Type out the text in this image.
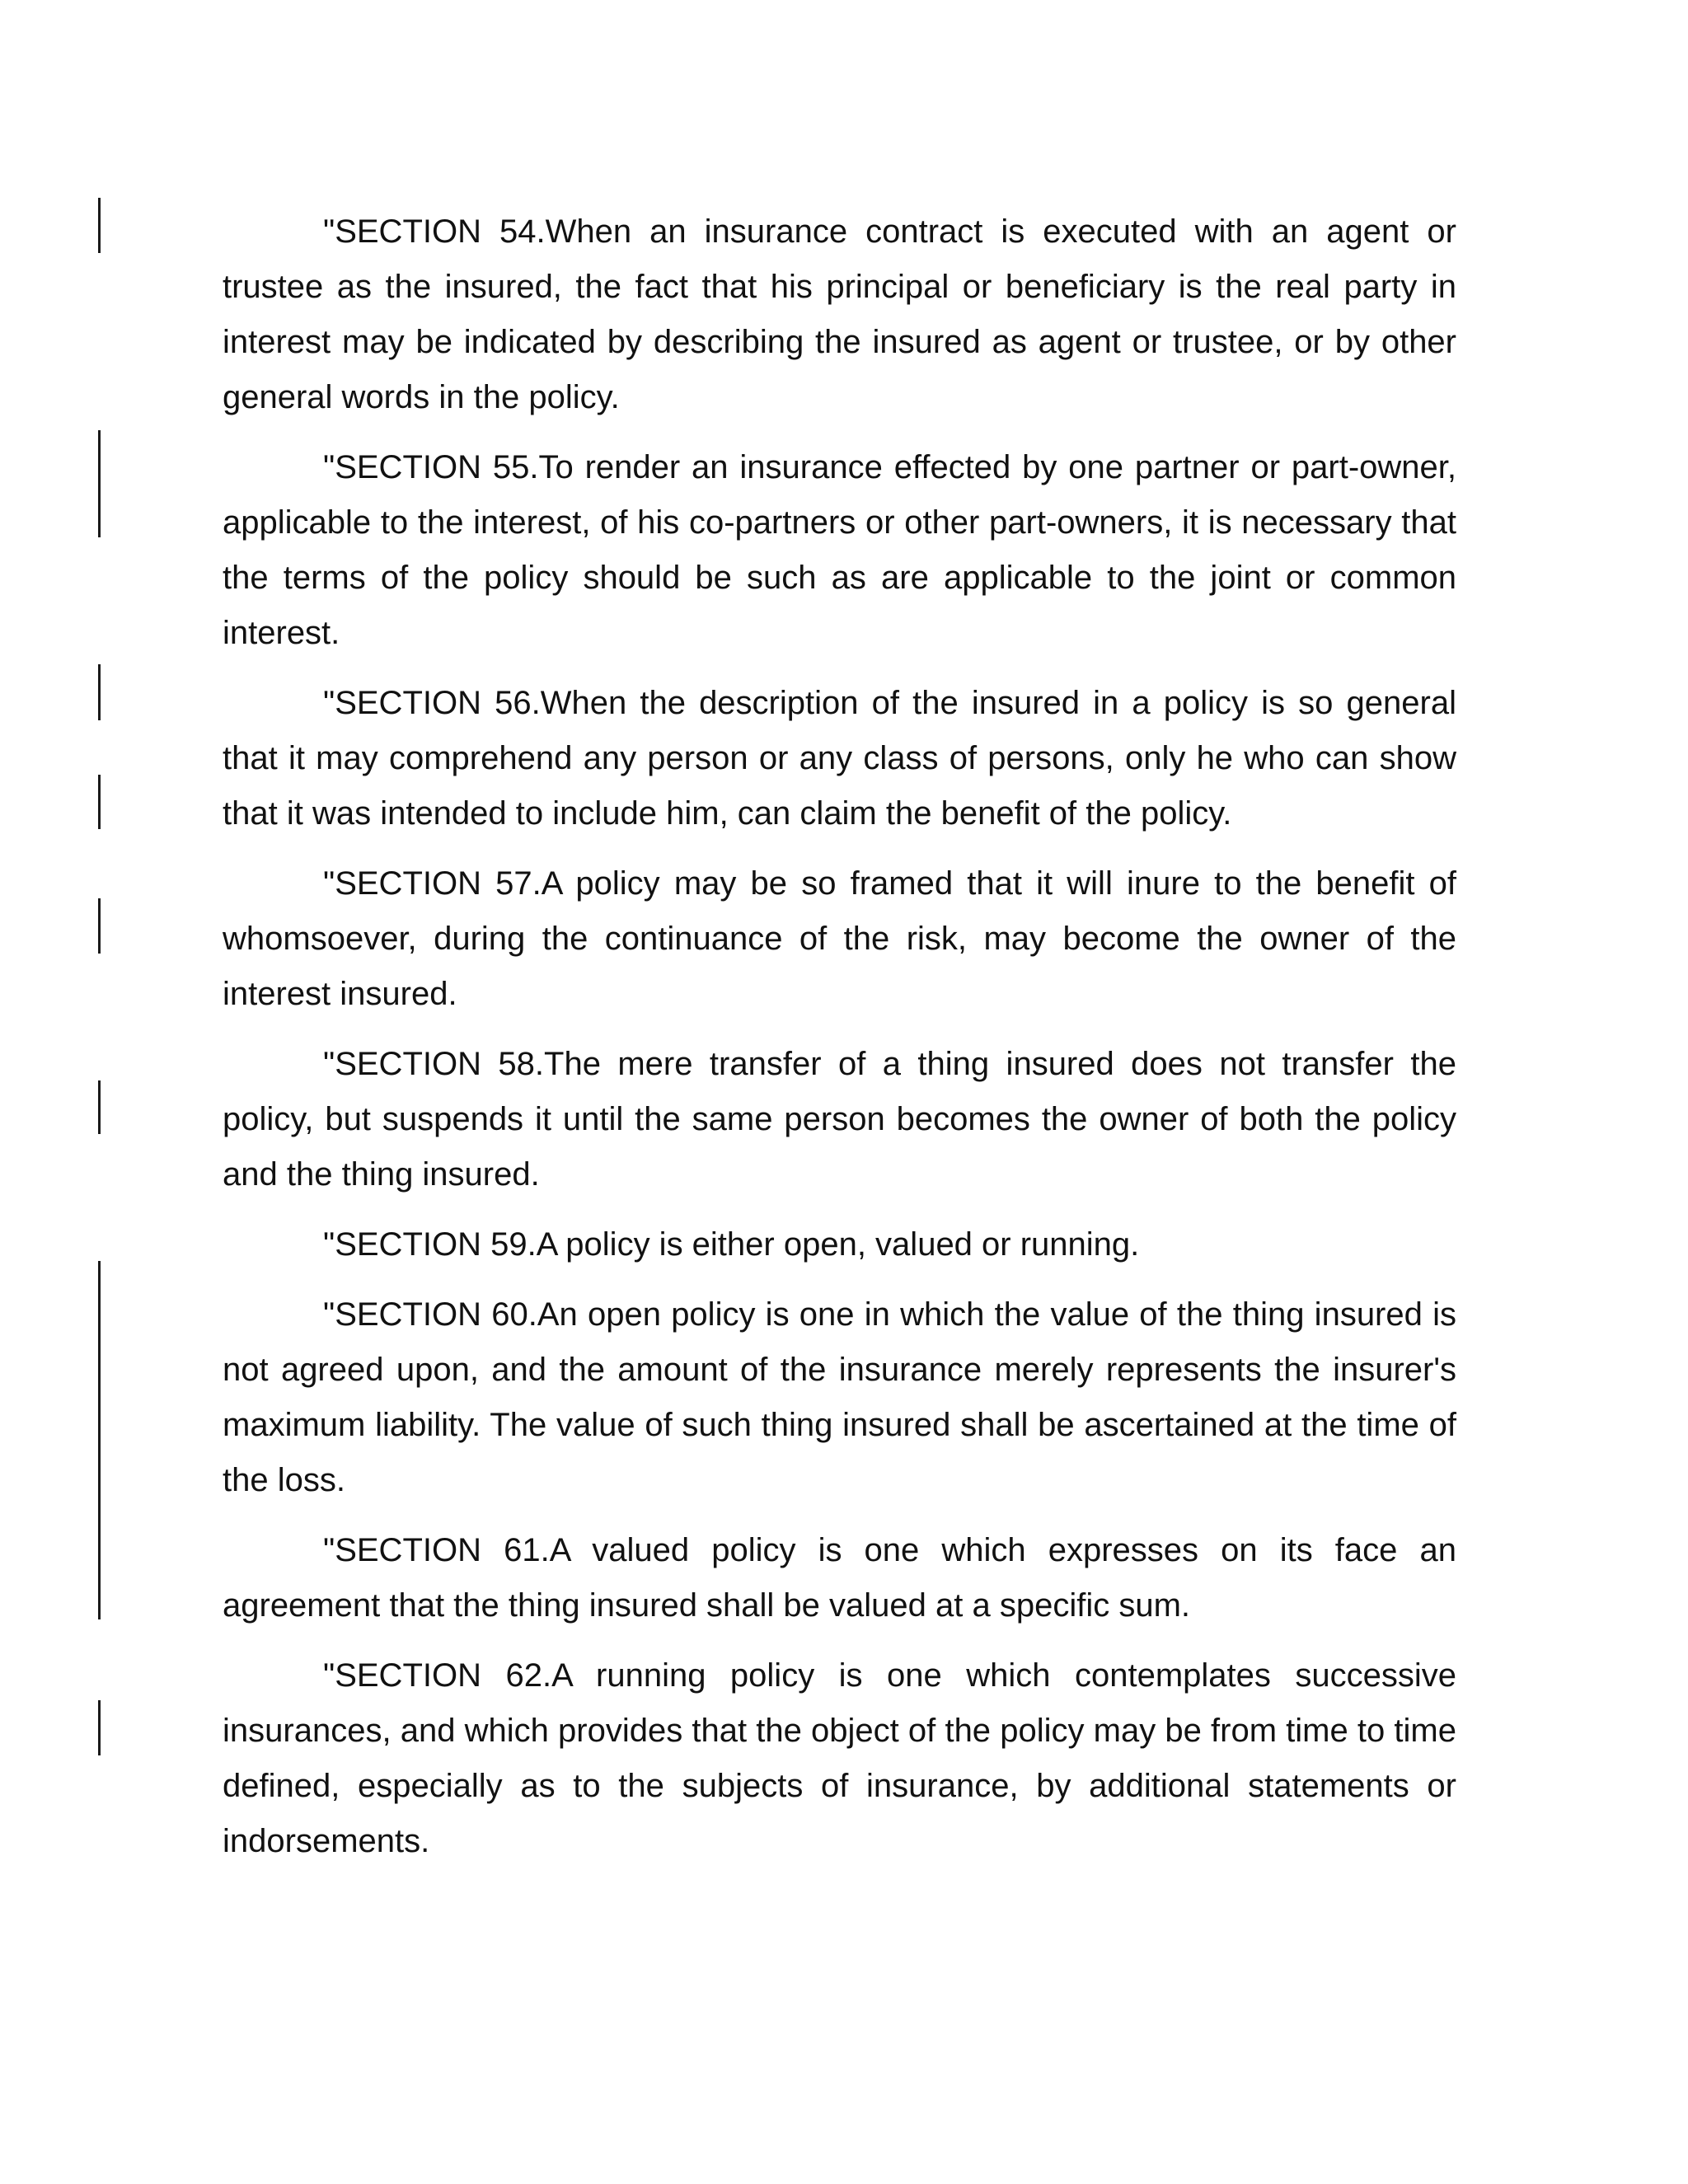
"SECTION 54.When an insurance contract is executed with an agent or trustee as the insured, the fact that his principal or beneficiary is the real party in interest may be indicated by describing the insured as agent or trustee, or by other general words in the policy.

"SECTION 55.To render an insurance effected by one partner or part-owner, applicable to the interest, of his co-partners or other part-owners, it is necessary that the terms of the policy should be such as are applicable to the joint or common interest.

"SECTION 56.When the description of the insured in a policy is so general that it may comprehend any person or any class of persons, only he who can show that it was intended to include him, can claim the benefit of the policy.

"SECTION 57.A policy may be so framed that it will inure to the benefit of whomsoever, during the continuance of the risk, may become the owner of the interest insured.

"SECTION 58.The mere transfer of a thing insured does not transfer the policy, but suspends it until the same person becomes the owner of both the policy and the thing insured.

"SECTION 59.A policy is either open, valued or running.

"SECTION 60.An open policy is one in which the value of the thing insured is not agreed upon, and the amount of the insurance merely represents the insurer's maximum liability. The value of such thing insured shall be ascertained at the time of the loss.

"SECTION 61.A valued policy is one which expresses on its face an agreement that the thing insured shall be valued at a specific sum.

"SECTION 62.A running policy is one which contemplates successive insurances, and which provides that the object of the policy may be from time to time defined, especially as to the subjects of insurance, by additional statements or indorsements.
